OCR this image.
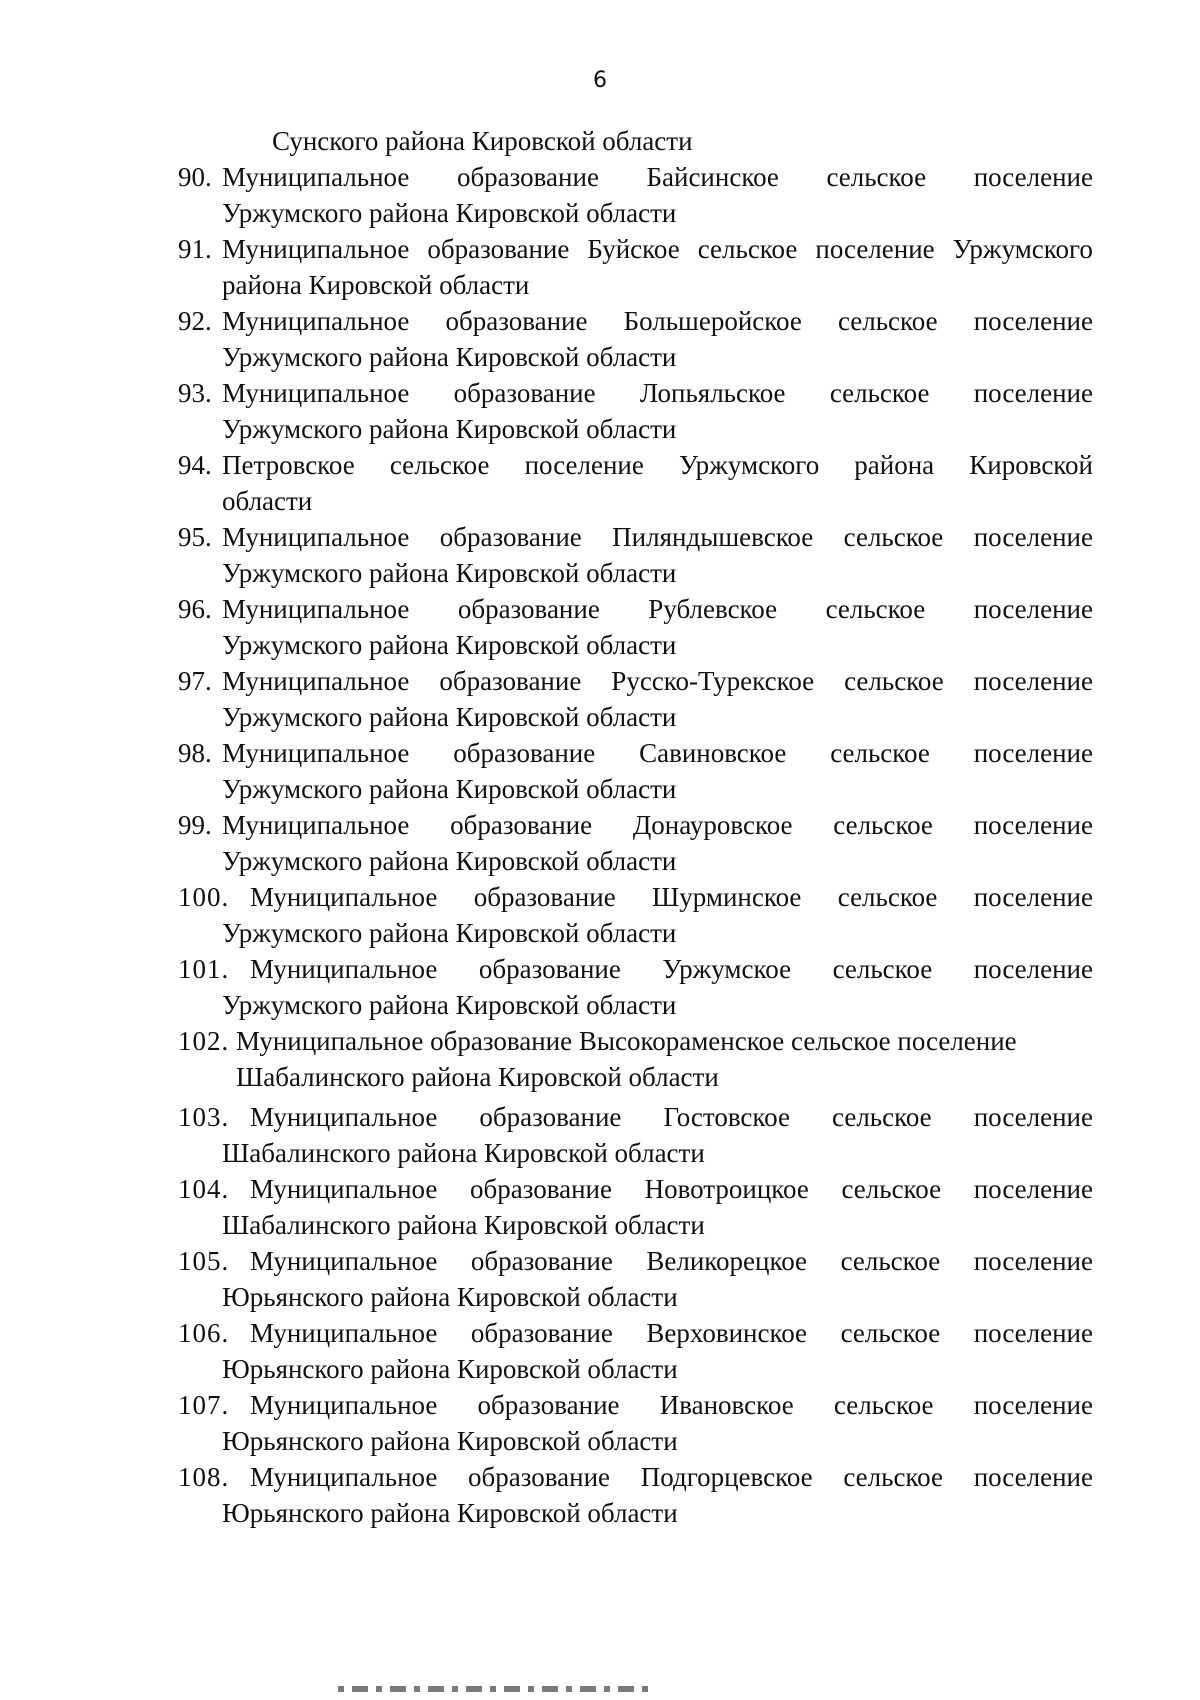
6
Сунского района Кировской области
90. Муниципальное образование Байсинское сельское поселение
Уржумского района Кировской области
91. Муниципальное образование Буйское сельское поселение Уржумского
района Кировской области
92. Муниципальное образование Большеройское сельское поселение
Уржумского района Кировской области
93. Муниципальное образование Лопьяльское сельское поселение
Уржумского района Кировской области
94. Петровское сельское поселение Уржумского района Кировской
области
95. Муниципальное образование Пиляндышевское сельское поселение
Уржумского района Кировской области
96. Муниципальное образование Рублевское сельское поселение
Уржумского района Кировской области
97. Муниципальное образование Русско-Турекское сельское поселение
Уржумского района Кировской области
98. Муниципальное образование Савиновское сельское поселение
Уржумского района Кировской области
99. Муниципальное образование Донауровское сельское поселение
Уржумского района Кировской области
100. Муниципальное образование Шурминское сельское поселение
Уржумского района Кировской области
101. Муниципальное образование Уржумское сельское поселение
Уржумского района Кировской области
102. Муниципальное образование Высокораменское сельское поселение
Шабалинского района Кировской области
103. Муниципальное образование Гостовское сельское поселение
Шабалинского района Кировской области
104. Муниципальное образование Новотроицкое сельское поселение
Шабалинского района Кировской области
105. Муниципальное образование Великорецкое сельское поселение
Юрьянского района Кировской области
106. Муниципальное образование Верховинское сельское поселение
Юрьянского района Кировской области
107. Муниципальное образование Ивановское сельское поселение
Юрьянского района Кировской области
108. Муниципальное образование Подгорцевское сельское поселение
Юрьянского района Кировской области
